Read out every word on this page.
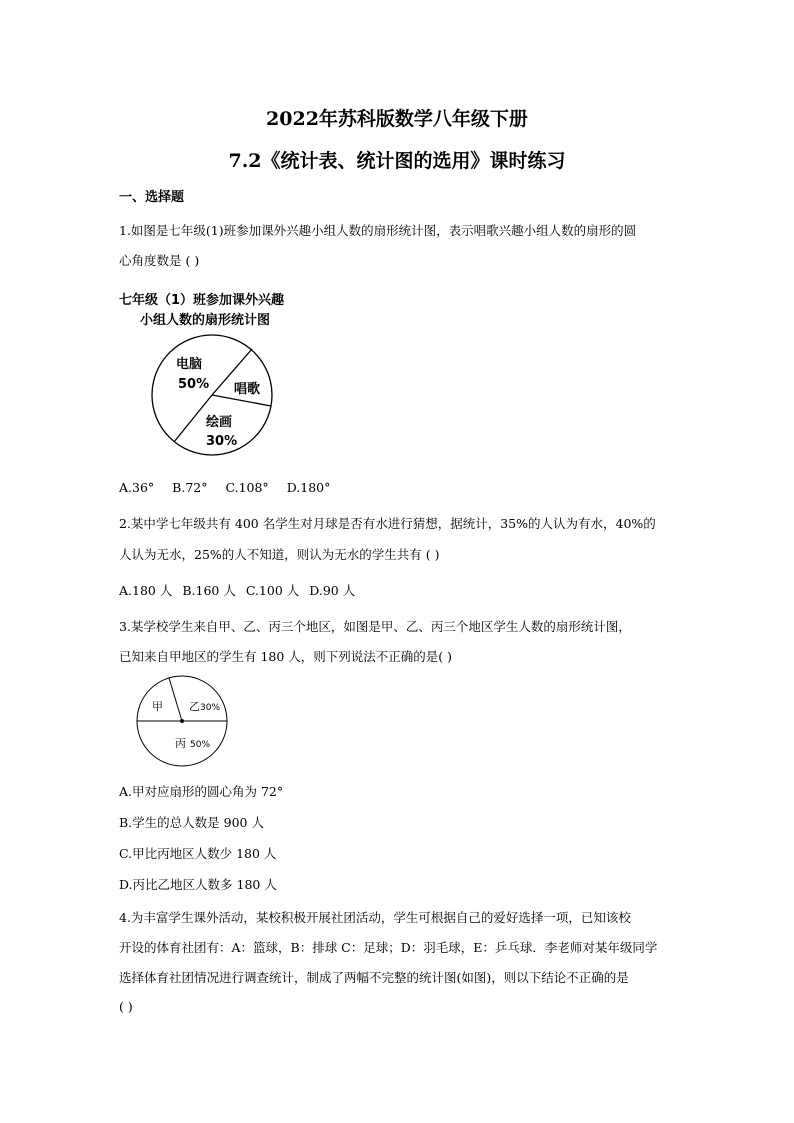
2022年苏科版数学八年级下册
7.2《统计表、统计图的选用》课时练习
一、选择题
1.如图是七年级(1)班参加课外兴趣小组人数的扇形统计图，表示唱歌兴趣小组人数的扇形的圆
心角度数是 ( )
七年级（1）班参加课外兴趣
小组人数的扇形统计图
电脑
50% 唱歌
绘画
30%
A.36° B.72° C.108° D.180°
2.某中学七年级共有 400 名学生对月球是否有水进行猜想，据统计，35%的人认为有水，40%的
人认为无水，25%的人不知道，则认为无水的学生共有 ( )
A.180 人 B.160 人 C.100 人 D.90 人
3.某学校学生来自甲、乙、丙三个地区，如图是甲、乙、丙三个地区学生人数的扇形统计图，
已知来自甲地区的学生有 180 人，则下列说法不正确的是( )
甲 乙 30%
丙 50%
A.甲对应扇形的圆心角为 72°
B.学生的总人数是 900 人
C.甲比丙地区人数少 180 人
D.丙比乙地区人数多 180 人
4.为丰富学生课外活动，某校积极开展社团活动，学生可根据自己的爱好选择一项，已知该校
开设的体育社团有：A：篮球，B：排球 C：足球；D：羽毛球，E：乒乓球．李老师对某年级同学
选择体育社团情况进行调查统计，制成了两幅不完整的统计图(如图)，则以下结论不正确的是
( )
